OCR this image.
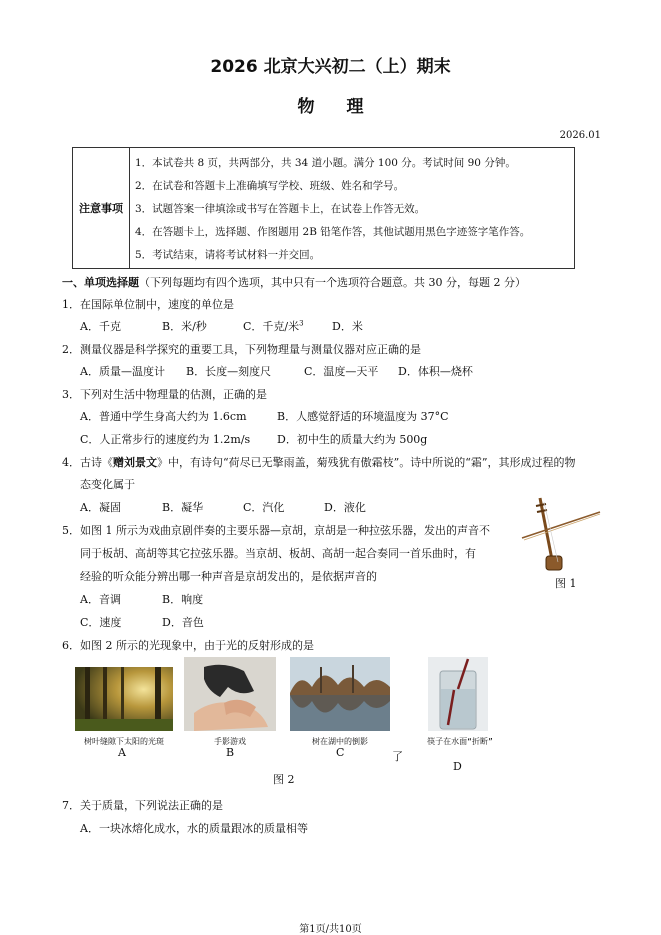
2026 北京大兴初二（上）期末
物 理
2026.01
注意事项
1．本试卷共 8 页，共两部分，共 34 道小题。满分 100 分。考试时间 90 分钟。
2．在试卷和答题卡上准确填写学校、班级、姓名和学号。
3．试题答案一律填涂或书写在答题卡上，在试卷上作答无效。
4．在答题卡上，选择题、作图题用 2B 铅笔作答，其他试题用黑色字迹签字笔作答。
5．考试结束，请将考试材料一并交回。
一、单项选择题（下列每题均有四个选项，其中只有一个选项符合题意。共 30 分，每题 2 分）
1．在国际单位制中，速度的单位是
A．千克	B．米/秒	C．千克/米$^3$	D．米
2．测量仪器是科学探究的重要工具，下列物理量与测量仪器对应正确的是
A．质量—温度计 B．长度—刻度尺	C．温度—天平 D．体积—烧杯
3．下列对生活中物理量的估测，正确的是
A．普通中学生身高大约为 1.6cm	B．人感觉舒适的环境温度为 37°C
C．人正常步行的速度约为 1.2m/s D．初中生的质量大约为 500g
4．古诗《赠刘景文》中，有诗句“荷尽已无擎雨盖，菊残犹有傲霜枝”。诗中所说的“霜”，其形成过程的物
态变化属于
A．凝固	B．凝华	C．汽化	D．液化
5．如图 1 所示为戏曲京剧伴奏的主要乐器—京胡，京胡是一种拉弦乐器，发出的声音不
同于板胡、高胡等其它拉弦乐器。当京胡、板胡、高胡一起合奏同一首乐曲时，有
经验的听众能分辨出哪一种声音是京胡发出的，是依据声音的
A．音调	B．响度
C．速度	D．音色
图 1
6．如图 2 所示的光现象中，由于光的反射形成的是
树叶缝隙下太阳的光斑
A
手影游戏
B
树在湖中的倒影
C	了
筷子在水面“折断”
D
图 2
7．关于质量，下列说法正确的是
A．一块冰熔化成水，水的质量跟冰的质量相等
第1页/共10页
